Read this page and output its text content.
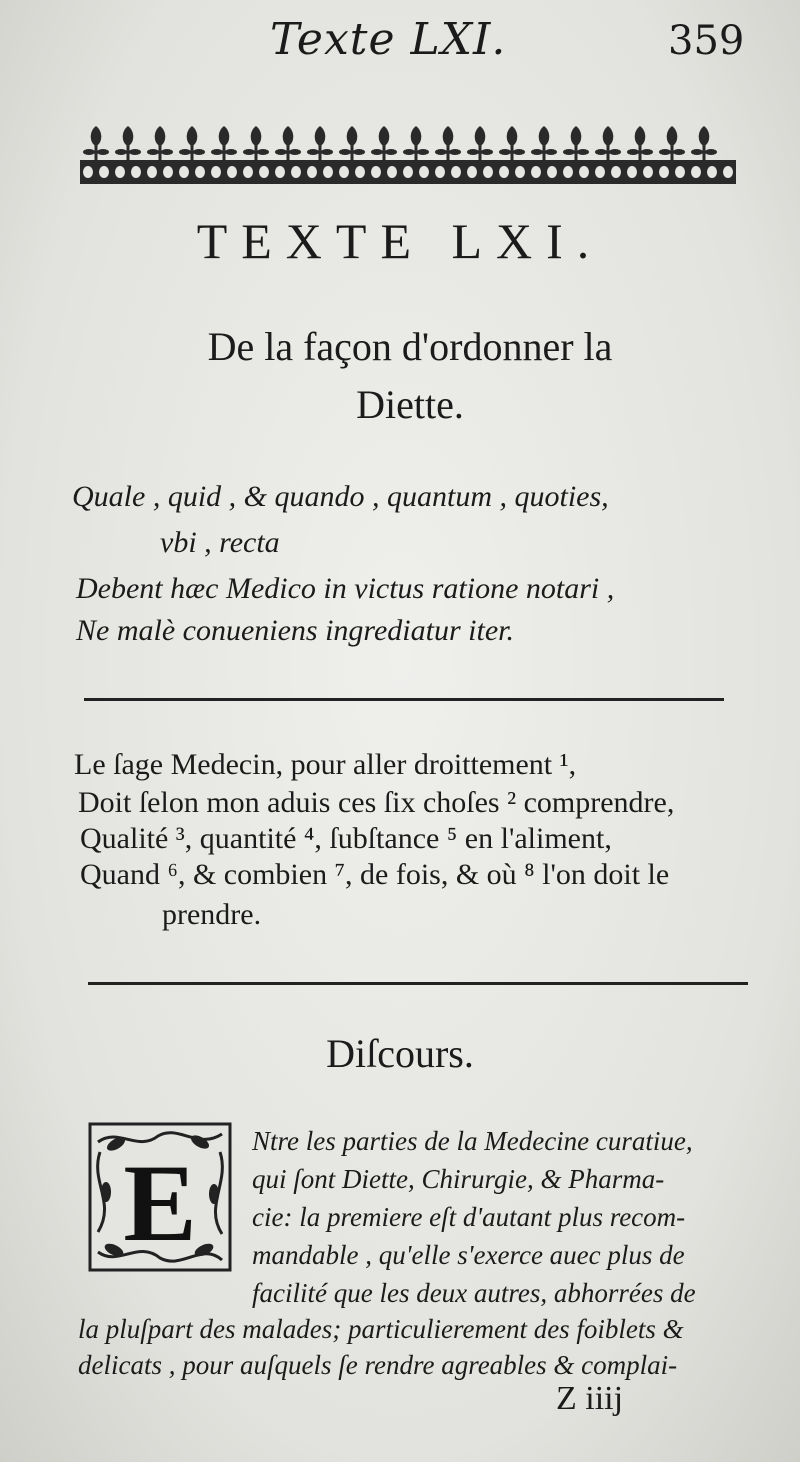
Texte LXI.	359
TEXTE LXI.
De la façon d'ordonner la
Diette.
Quale , quid , & quando , quantum , quoties,
vbi , recta
Debent hæc Medico in victus ratione notari ,
Ne malè conueniens ingrediatur iter.
Le ſage Medecin, pour aller droittement ¹,
Doit ſelon mon aduis ces ſix choſes ² comprendre,
Qualité ³, quantité ⁴, ſubſtance ⁵ en l'aliment,
Quand ⁶, & combien ⁷, de fois, & où ⁸ l'on doit le
prendre.
Diſcours.
E
Ntre les parties de la Medecine curatiue,
qui ſont Diette, Chirurgie, & Pharma-
cie: la premiere eſt d'autant plus recom-
mandable , qu'elle s'exerce auec plus de
facilité que les deux autres, abhorrées de
la pluſpart des malades; particulierement des foiblets &
delicats , pour auſquels ſe rendre agreables & complai-
Z iiij
